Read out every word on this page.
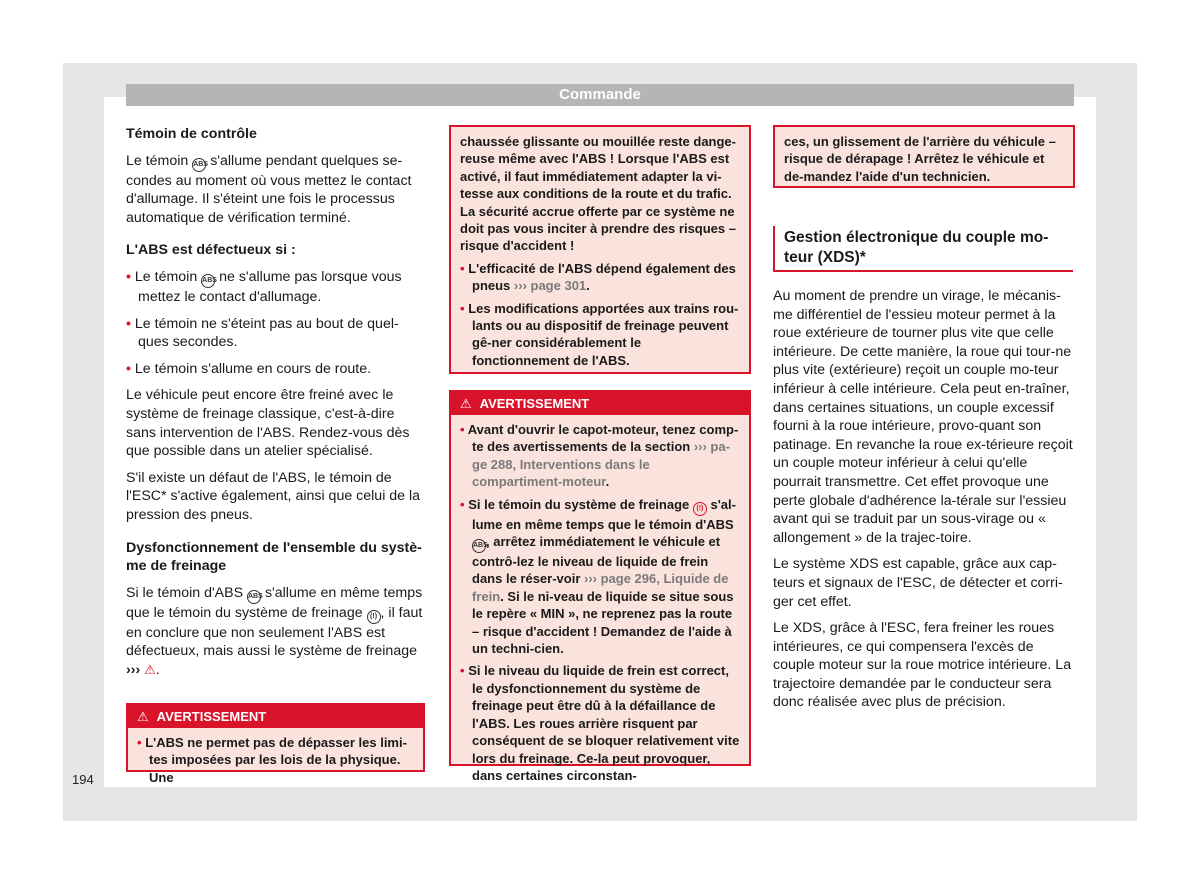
Commande

Témoin de contrôle

Le témoin ABS s'allume pendant quelques se-condes au moment où vous mettez le contact d'allumage. Il s'éteint une fois le processus automatique de vérification terminé.

L'ABS est défectueux si :

• Le témoin ABS ne s'allume pas lorsque vous mettez le contact d'allumage.

• Le témoin ne s'éteint pas au bout de quel-ques secondes.

• Le témoin s'allume en cours de route.

Le véhicule peut encore être freiné avec le système de freinage classique, c'est-à-dire sans intervention de l'ABS. Rendez-vous dès que possible dans un atelier spécialisé.

S'il existe un défaut de l'ABS, le témoin de l'ESC* s'active également, ainsi que celui de la pression des pneus.

Dysfonctionnement de l'ensemble du systè-me de freinage

Si le témoin d'ABS ABS s'allume en même temps que le témoin du système de freinage (!) , il faut en conclure que non seulement l'ABS est défectueux, mais aussi le système de freinage ››› ⚠.

⚠ AVERTISSEMENT

• L'ABS ne permet pas de dépasser les limi-tes imposées par les lois de la physique. Une

chaussée glissante ou mouillée reste dange-reuse même avec l'ABS ! Lorsque l'ABS est activé, il faut immédiatement adapter la vi-tesse aux conditions de la route et du trafic. La sécurité accrue offerte par ce système ne doit pas vous inciter à prendre des risques – risque d'accident !

• L'efficacité de l'ABS dépend également des pneus ››› page 301.

• Les modifications apportées aux trains rou-lants ou au dispositif de freinage peuvent gê-ner considérablement le fonctionnement de l'ABS.

⚠ AVERTISSEMENT

• Avant d'ouvrir le capot-moteur, tenez comp-te des avertissements de la section ››› pa-ge 288, Interventions dans le compartiment-moteur.

• Si le témoin du système de freinage (!) s'al-lume en même temps que le témoin d'ABS ABS, arrêtez immédiatement le véhicule et contrô-lez le niveau de liquide de frein dans le réser-voir ››› page 296, Liquide de frein. Si le ni-veau de liquide se situe sous le repère « MIN », ne reprenez pas la route – risque d'accident ! Demandez de l'aide à un techni-cien.

• Si le niveau du liquide de frein est correct, le dysfonctionnement du système de freinage peut être dû à la défaillance de l'ABS. Les roues arrière risquent par conséquent de se bloquer relativement vite lors du freinage. Ce-la peut provoquer, dans certaines circonstan-

ces, un glissement de l'arrière du véhicule – risque de dérapage ! Arrêtez le véhicule et de-mandez l'aide d'un technicien.

Gestion électronique du couple mo-teur (XDS)*

Au moment de prendre un virage, le mécanis-me différentiel de l'essieu moteur permet à la roue extérieure de tourner plus vite que celle intérieure. De cette manière, la roue qui tour-ne plus vite (extérieure) reçoit un couple mo-teur inférieur à celle intérieure. Cela peut en-traîner, dans certaines situations, un couple excessif fourni à la roue intérieure, provo-quant son patinage. En revanche la roue ex-térieure reçoit un couple moteur inférieur à celui qu'elle pourrait transmettre. Cet effet provoque une perte globale d'adhérence la-térale sur l'essieu avant qui se traduit par un sous-virage ou « allongement » de la trajec-toire.

Le système XDS est capable, grâce aux cap-teurs et signaux de l'ESC, de détecter et corri-ger cet effet.

Le XDS, grâce à l'ESC, fera freiner les roues intérieures, ce qui compensera l'excès de couple moteur sur la roue motrice intérieure. La trajectoire demandée par le conducteur sera donc réalisée avec plus de précision.

194
